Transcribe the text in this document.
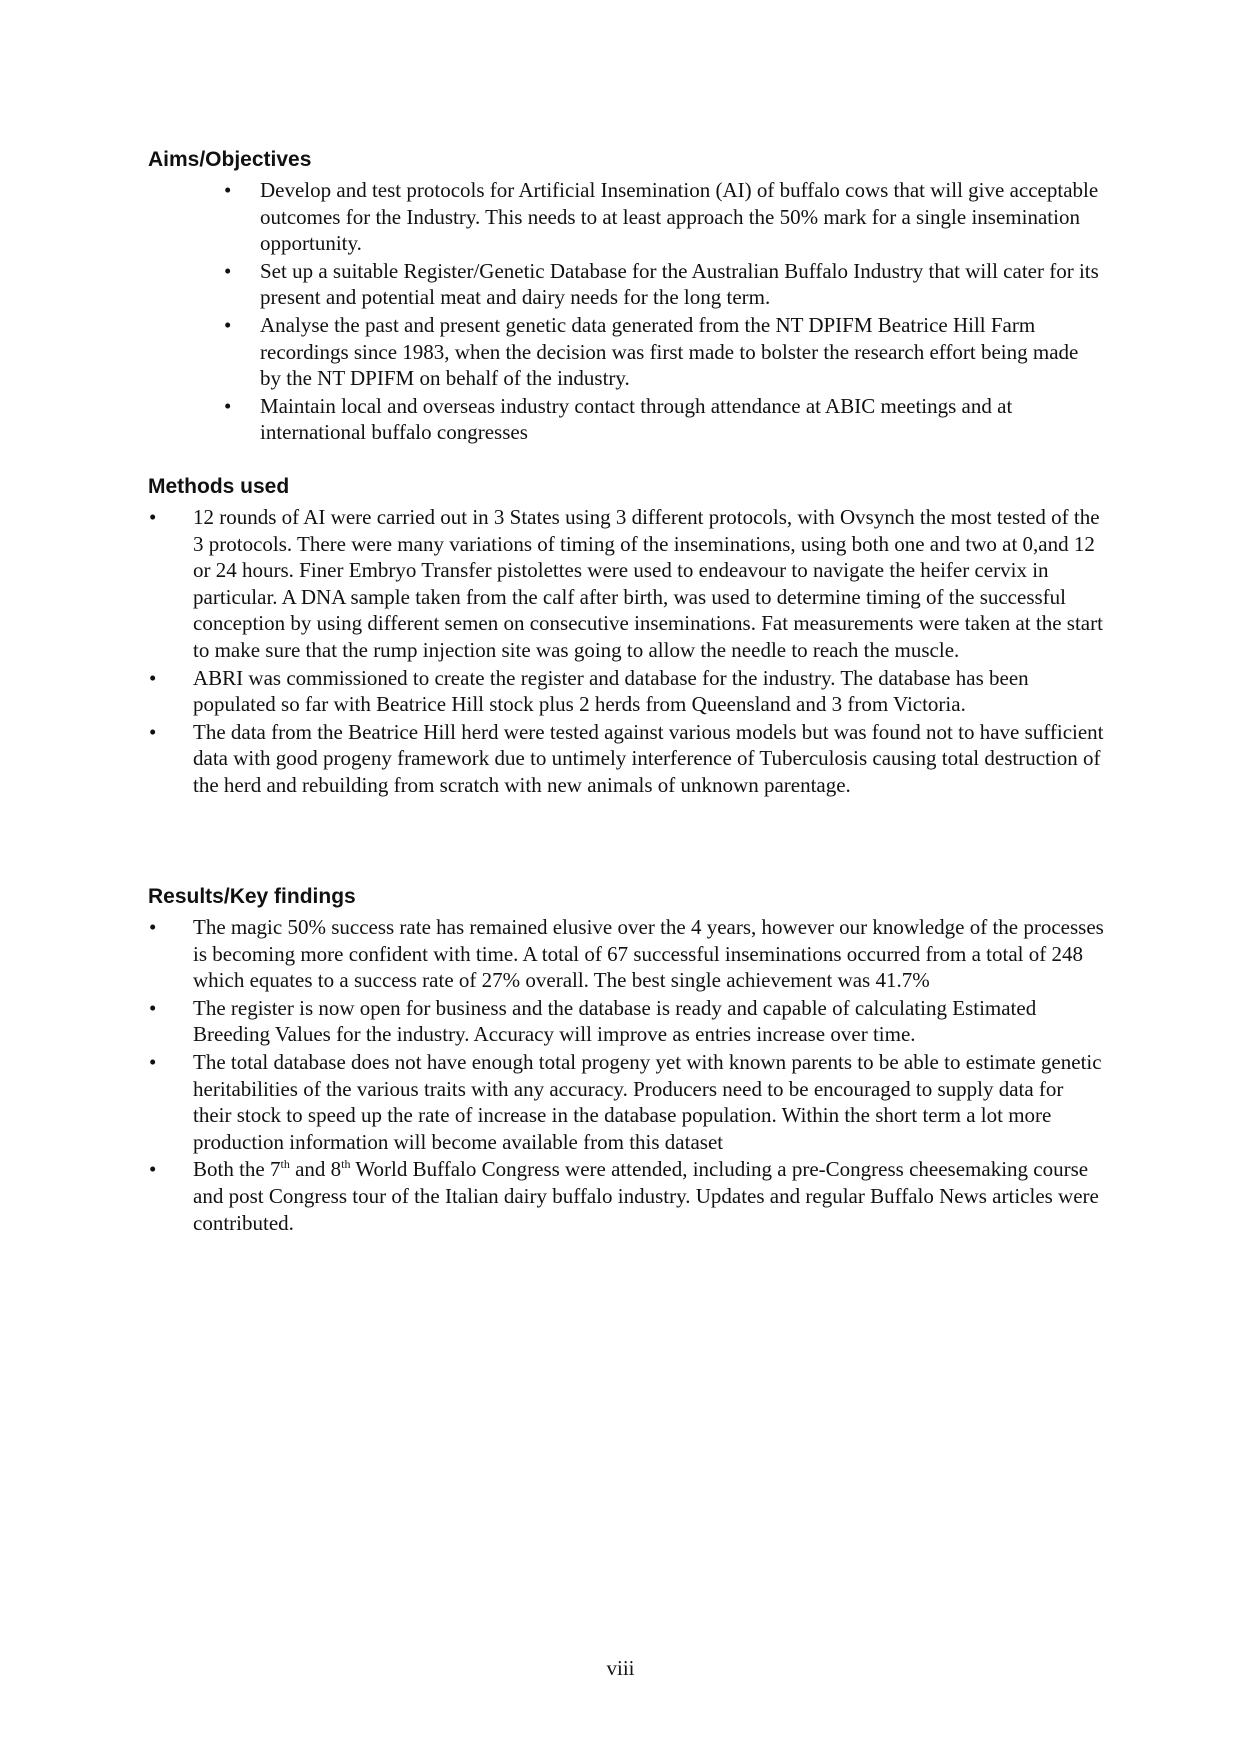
Aims/Objectives
• Develop and test protocols for Artificial Insemination (AI) of buffalo cows that will give acceptable outcomes for the Industry. This needs to at least approach the 50% mark for a single insemination opportunity.
• Set up a suitable Register/Genetic Database for the Australian Buffalo Industry that will cater for its present and potential meat and dairy needs for the long term.
• Analyse the past and present genetic data generated from the NT DPIFM Beatrice Hill Farm recordings since 1983, when the decision was first made to bolster the research effort being made by the NT DPIFM on behalf of the industry.
• Maintain local and overseas industry contact through attendance at ABIC meetings and at international buffalo congresses
Methods used
• 12 rounds of AI were carried out in 3 States using 3 different protocols, with Ovsynch the most tested of the 3 protocols. There were many variations of timing of the inseminations, using both one and two at 0,and 12 or 24 hours. Finer Embryo Transfer pistolettes were used to endeavour to navigate the heifer cervix in particular. A DNA sample taken from the calf after birth, was used to determine timing of the successful conception by using different semen on consecutive inseminations. Fat measurements were taken at the start to make sure that the rump injection site was going to allow the needle to reach the muscle.
• ABRI was commissioned to create the register and database for the industry. The database has been populated so far with Beatrice Hill stock plus 2 herds from Queensland and 3 from Victoria.
• The data from the Beatrice Hill herd were tested against various models but was found not to have sufficient data with good progeny framework due to untimely interference of Tuberculosis causing total destruction of the herd and rebuilding from scratch with new animals of unknown parentage.
Results/Key findings
• The magic 50% success rate has remained elusive over the 4 years, however our knowledge of the processes is becoming more confident with time. A total of 67 successful inseminations occurred from a total of 248 which equates to a success rate of 27% overall. The best single achievement was 41.7%
• The register is now open for business and the database is ready and capable of calculating Estimated Breeding Values for the industry. Accuracy will improve as entries increase over time.
• The total database does not have enough total progeny yet with known parents to be able to estimate genetic heritabilities of the various traits with any accuracy. Producers need to be encouraged to supply data for their stock to speed up the rate of increase in the database population. Within the short term a lot more production information will become available from this dataset
• Both the 7th and 8th World Buffalo Congress were attended, including a pre-Congress cheesemaking course and post Congress tour of the Italian dairy buffalo industry. Updates and regular Buffalo News articles were contributed.
viii
